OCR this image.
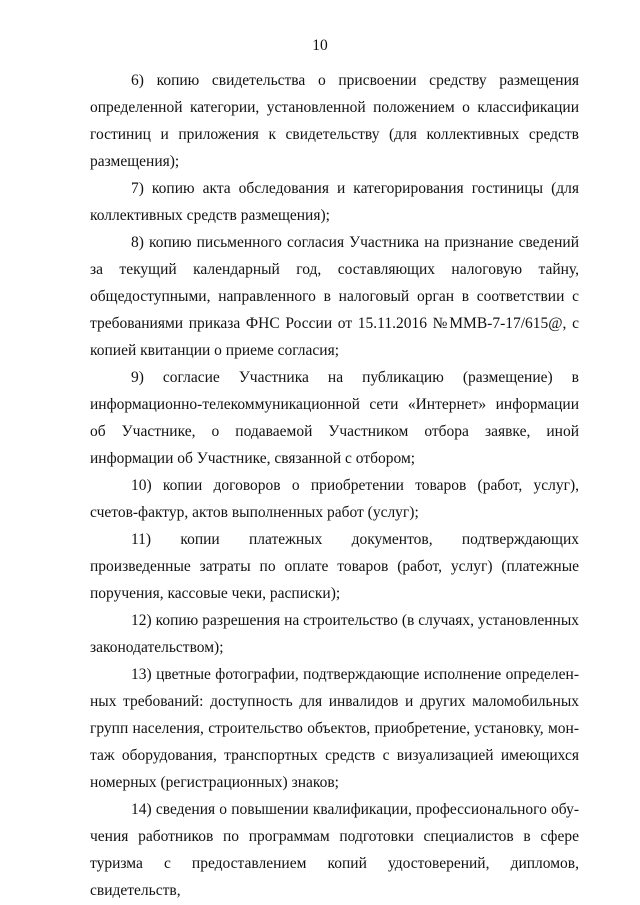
10

6) копию свидетельства о присвоении средству размещения определенной категории, установленной положением о классификации гостиниц и приложения к свидетельству (для коллективных средств размещения);

7) копию акта обследования и категорирования гостиницы (для коллективных средств размещения);

8) копию письменного согласия Участника на признание сведений за текущий календарный год, составляющих налоговую тайну, общедоступными, направленного в налоговый орган в соответствии с требованиями приказа ФНС России от 15.11.2016 №ММВ-7-17/615@, с копией квитанции о приеме согласия;

9) согласие Участника на публикацию (размещение) в информационно-телекоммуникационной сети «Интернет» информации об Участнике, о подаваемой Участником отбора заявке, иной информации об Участнике, связанной с отбором;

10) копии договоров о приобретении товаров (работ, услуг), счетов-фактур, актов выполненных работ (услуг);

11) копии платежных документов, подтверждающих произведенные затраты по оплате товаров (работ, услуг) (платежные поручения, кассовые чеки, расписки);

12) копию разрешения на строительство (в случаях, установленных законодательством);

13) цветные фотографии, подтверждающие исполнение определенных требований: доступность для инвалидов и других маломобильных групп населения, строительство объектов, приобретение, установку, монтаж оборудования, транспортных средств с визуализацией имеющихся номерных (регистрационных) знаков;

14) сведения о повышении квалификации, профессионального обучения работников по программам подготовки специалистов в сфере туризма с предоставлением копий удостоверений, дипломов, свидетельств,
